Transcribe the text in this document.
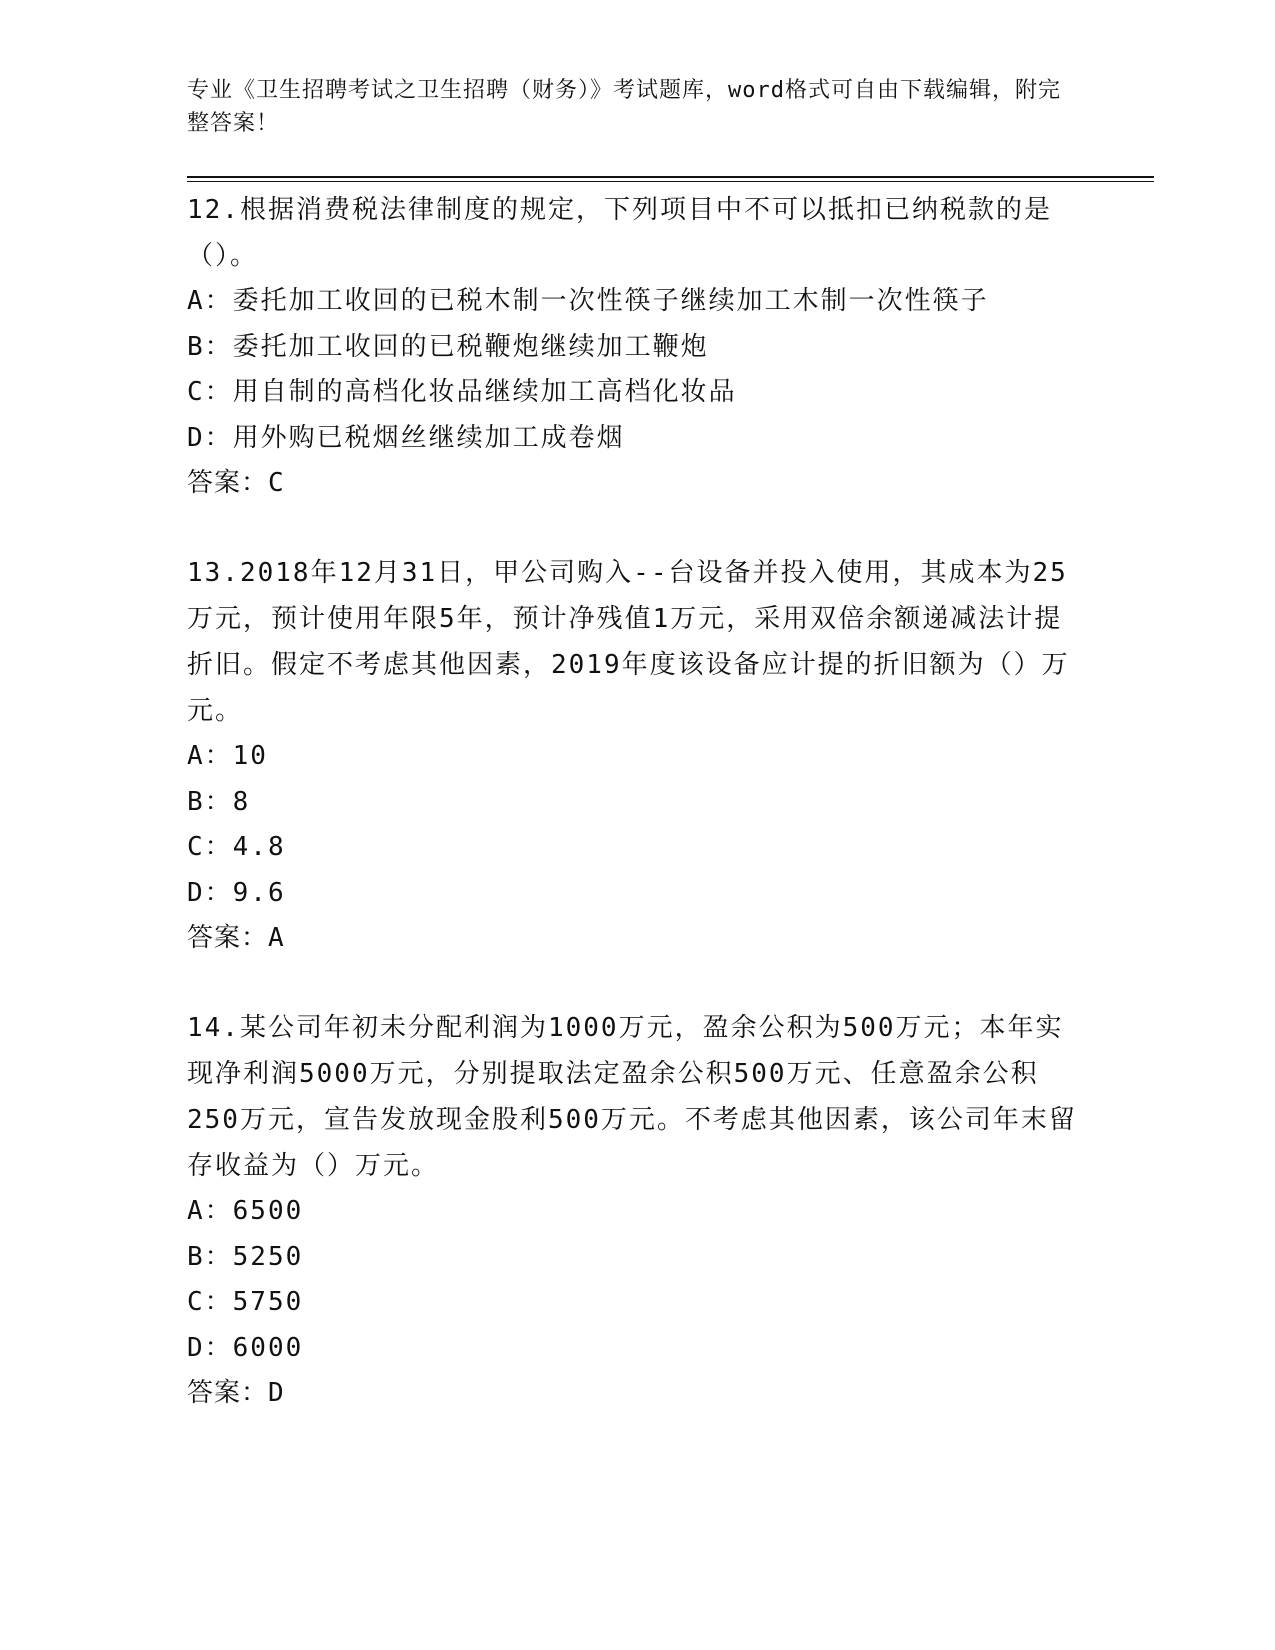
专业《卫生招聘考试之卫生招聘（财务）》考试题库，word格式可自由下载编辑，附完整答案！

12.根据消费税法律制度的规定，下列项目中不可以抵扣已纳税款的是（）。

A：委托加工收回的已税木制一次性筷子继续加工木制一次性筷子

B：委托加工收回的已税鞭炮继续加工鞭炮

C：用自制的高档化妆品继续加工高档化妆品

D：用外购已税烟丝继续加工成卷烟

答案：C

13.2018年12月31日，甲公司购入--台设备并投入使用，其成本为25万元，预计使用年限5年，预计净残值1万元，采用双倍余额递减法计提折旧。假定不考虑其他因素，2019年度该设备应计提的折旧额为（）万元。

A：10

B：8

C：4.8

D：9.6

答案：A

14.某公司年初未分配利润为1000万元，盈余公积为500万元；本年实现净利润5000万元，分别提取法定盈余公积500万元、任意盈余公积250万元，宣告发放现金股利500万元。不考虑其他因素，该公司年末留存收益为（）万元。

A：6500

B：5250

C：5750

D：6000

答案：D
